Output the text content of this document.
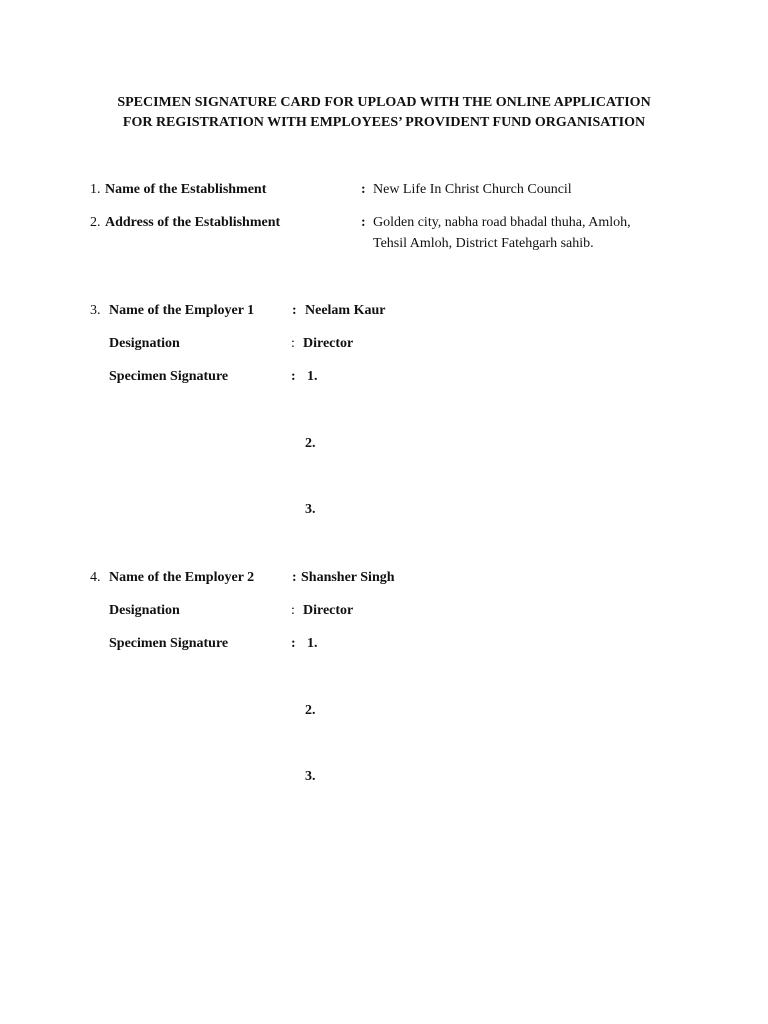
SPECIMEN SIGNATURE CARD FOR UPLOAD WITH THE ONLINE APPLICATION
FOR REGISTRATION WITH EMPLOYEES’ PROVIDENT FUND ORGANISATION
1. Name of the Establishment	: New Life In Christ Church Council
2. Address of the Establishment	: Golden city, nabha road bhadal thuha, Amloh,
Tehsil Amloh, District Fatehgarh sahib.
3. Name of the Employer 1	: Neelam Kaur
Designation	: Director
Specimen Signature	: 1.
2.
3.
4. Name of the Employer 2	: Shansher Singh
Designation	: Director
Specimen Signature	: 1.
2.
3.
